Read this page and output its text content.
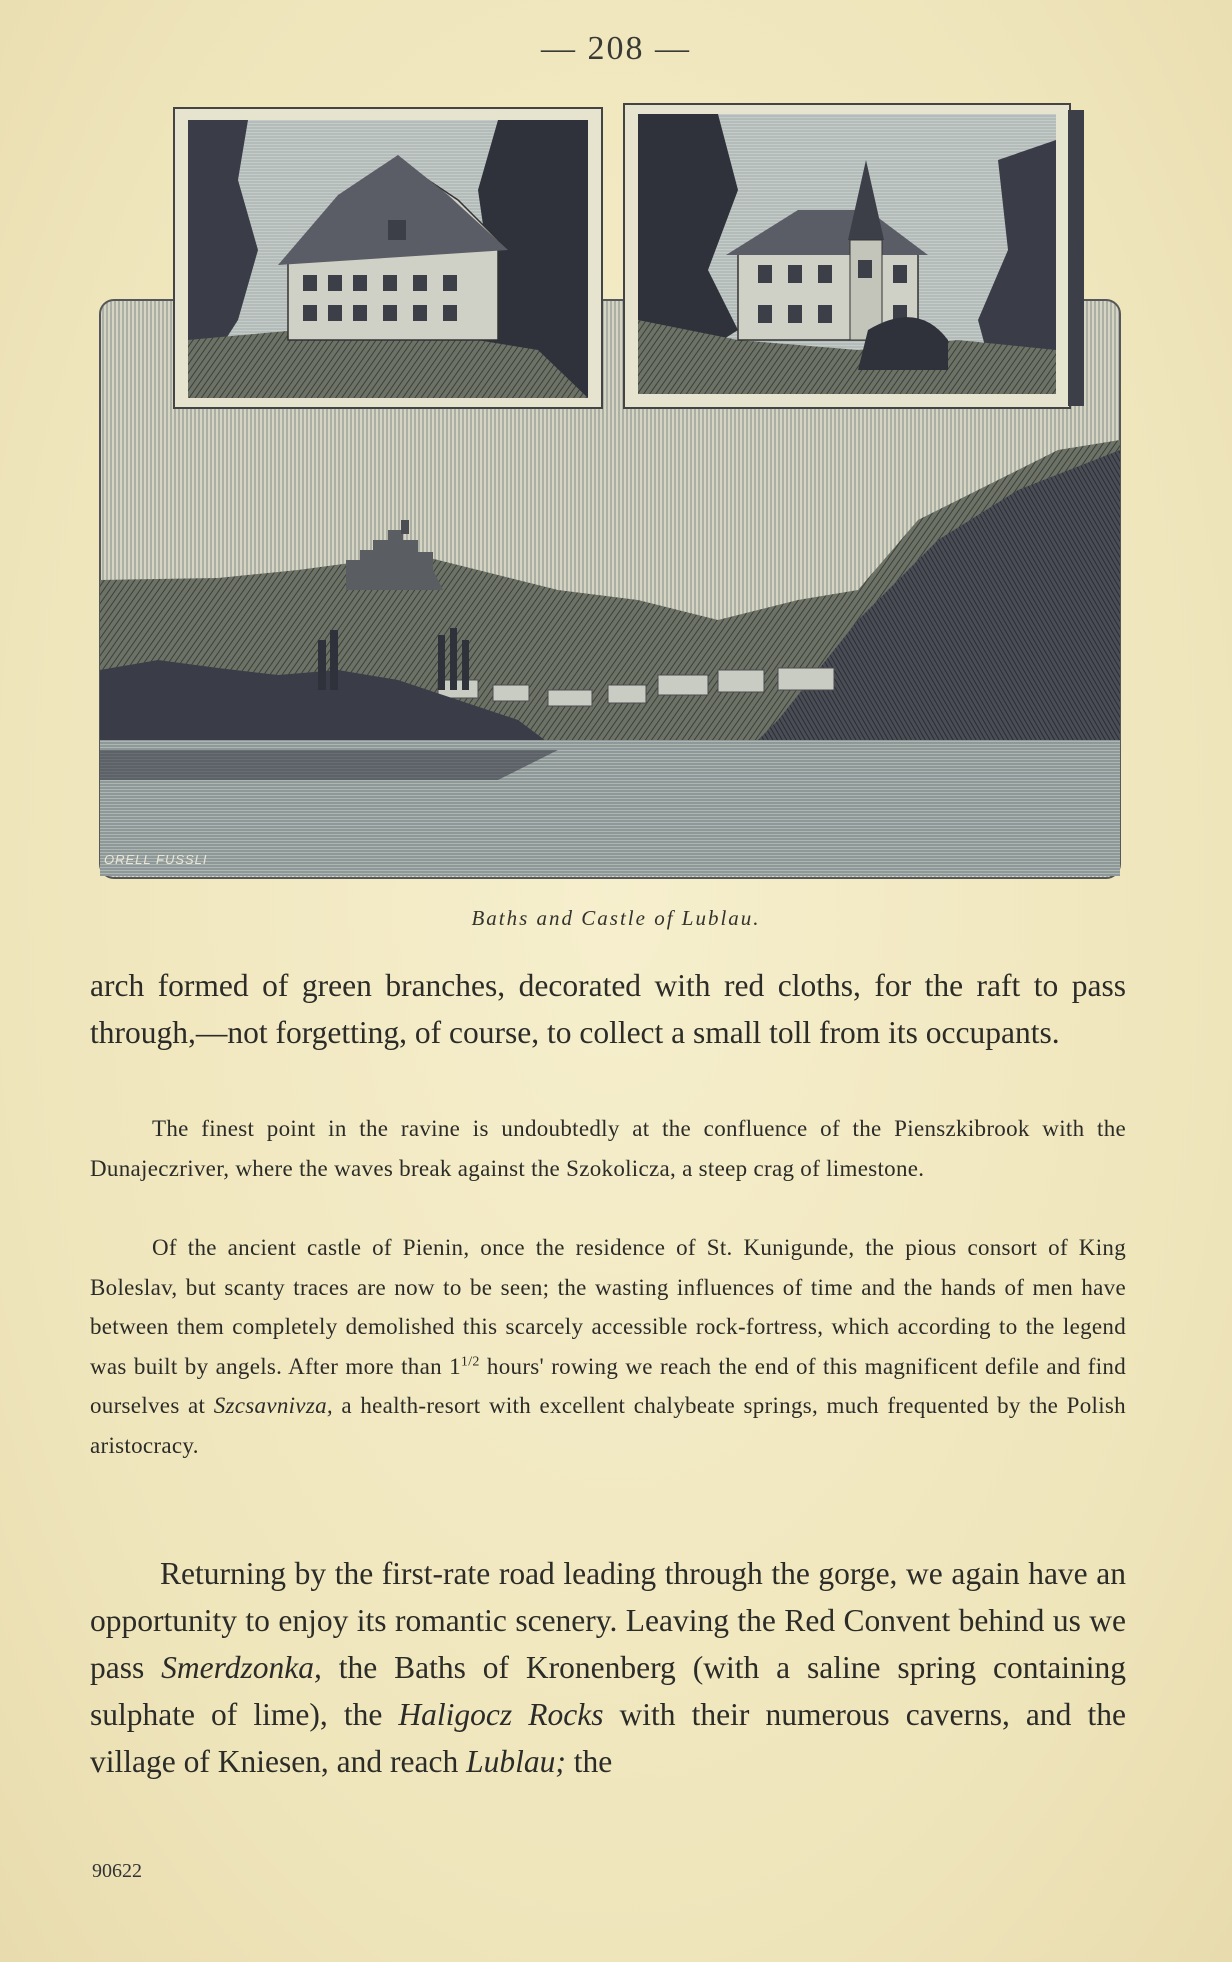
— 208 —
ORELL FUSSLI
Baths and Castle of Lublau.
arch formed of green branches, decorated with red cloths, for the raft to pass through,—not forgetting, of course, to collect a small toll from its occupants.
The finest point in the ravine is undoubtedly at the confluence of the Pienszkibrook with the Dunajeczriver, where the waves break against the Szokolicza, a steep crag of limestone.
Of the ancient castle of Pienin, once the residence of St. Kunigunde, the pious consort of King Boleslav, but scanty traces are now to be seen; the wasting influences of time and the hands of men have between them completely demolished this scarcely accessible rock-fortress, which according to the legend was built by angels. After more than $1^{1/2}$ hours' rowing we reach the end of this magnificent defile and find ourselves at Szcsavnivza, a health-resort with excellent chalybeate springs, much frequented by the Polish aristocracy.
Returning by the first-rate road leading through the gorge, we again have an opportunity to enjoy its romantic scenery. Leaving the Red Convent behind us we pass Smerdzonka, the Baths of Kronenberg (with a saline spring containing sulphate of lime), the Haligocz Rocks with their numerous caverns, and the village of Kniesen, and reach Lublau; the
90622
